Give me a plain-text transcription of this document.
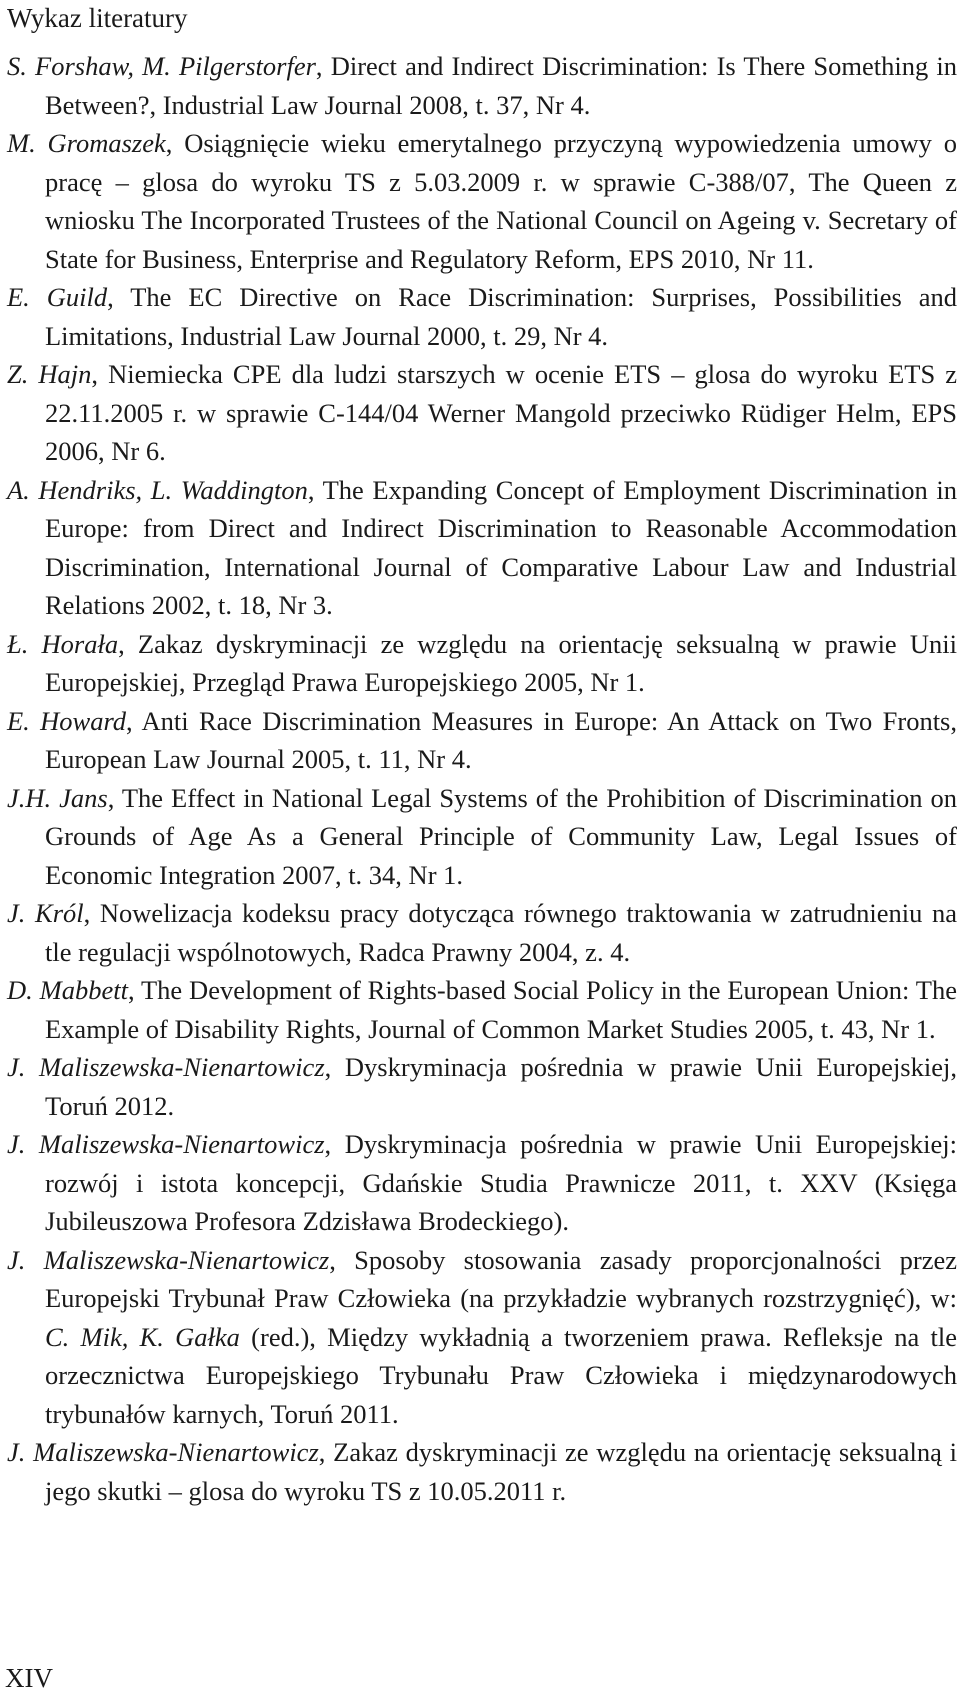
Wykaz literatury
S. Forshaw, M. Pilgerstorfer, Direct and Indirect Discrimination: Is There Something in Between?, Industrial Law Journal 2008, t. 37, Nr 4.
M. Gromaszek, Osiągnięcie wieku emerytalnego przyczyną wypowiedzenia umowy o pracę – glosa do wyroku TS z 5.03.2009 r. w sprawie C-388/07, The Queen z wniosku The Incorporated Trustees of the National Council on Ageing v. Secretary of State for Business, Enterprise and Regulatory Reform, EPS 2010, Nr 11.
E. Guild, The EC Directive on Race Discrimination: Surprises, Possibilities and Limitations, Industrial Law Journal 2000, t. 29, Nr 4.
Z. Hajn, Niemiecka CPE dla ludzi starszych w ocenie ETS – glosa do wyroku ETS z 22.11.2005 r. w sprawie C-144/04 Werner Mangold przeciwko Rüdiger Helm, EPS 2006, Nr 6.
A. Hendriks, L. Waddington, The Expanding Concept of Employment Discrimination in Europe: from Direct and Indirect Discrimination to Reasonable Accommodation Discrimination, International Journal of Comparative Labour Law and Industrial Relations 2002, t. 18, Nr 3.
Ł. Horała, Zakaz dyskryminacji ze względu na orientację seksualną w prawie Unii Europejskiej, Przegląd Prawa Europejskiego 2005, Nr 1.
E. Howard, Anti Race Discrimination Measures in Europe: An Attack on Two Fronts, European Law Journal 2005, t. 11, Nr 4.
J.H. Jans, The Effect in National Legal Systems of the Prohibition of Discrimination on Grounds of Age As a General Principle of Community Law, Legal Issues of Economic Integration 2007, t. 34, Nr 1.
J. Król, Nowelizacja kodeksu pracy dotycząca równego traktowania w zatrudnieniu na tle regulacji wspólnotowych, Radca Prawny 2004, z. 4.
D. Mabbett, The Development of Rights-based Social Policy in the European Union: The Example of Disability Rights, Journal of Common Market Studies 2005, t. 43, Nr 1.
J. Maliszewska-Nienartowicz, Dyskryminacja pośrednia w prawie Unii Europejskiej, Toruń 2012.
J. Maliszewska-Nienartowicz, Dyskryminacja pośrednia w prawie Unii Europejskiej: rozwój i istota koncepcji, Gdańskie Studia Prawnicze 2011, t. XXV (Księga Jubileuszowa Profesora Zdzisława Brodeckiego).
J. Maliszewska-Nienartowicz, Sposoby stosowania zasady proporcjonalności przez Europejski Trybunał Praw Człowieka (na przykładzie wybranych rozstrzygnięć), w: C. Mik, K. Gałka (red.), Między wykładnią a tworzeniem prawa. Refleksje na tle orzecznictwa Europejskiego Trybunału Praw Człowieka i międzynarodowych trybunałów karnych, Toruń 2011.
J. Maliszewska-Nienartowicz, Zakaz dyskryminacji ze względu na orientację seksualną i jego skutki – glosa do wyroku TS z 10.05.2011 r.
XIV
